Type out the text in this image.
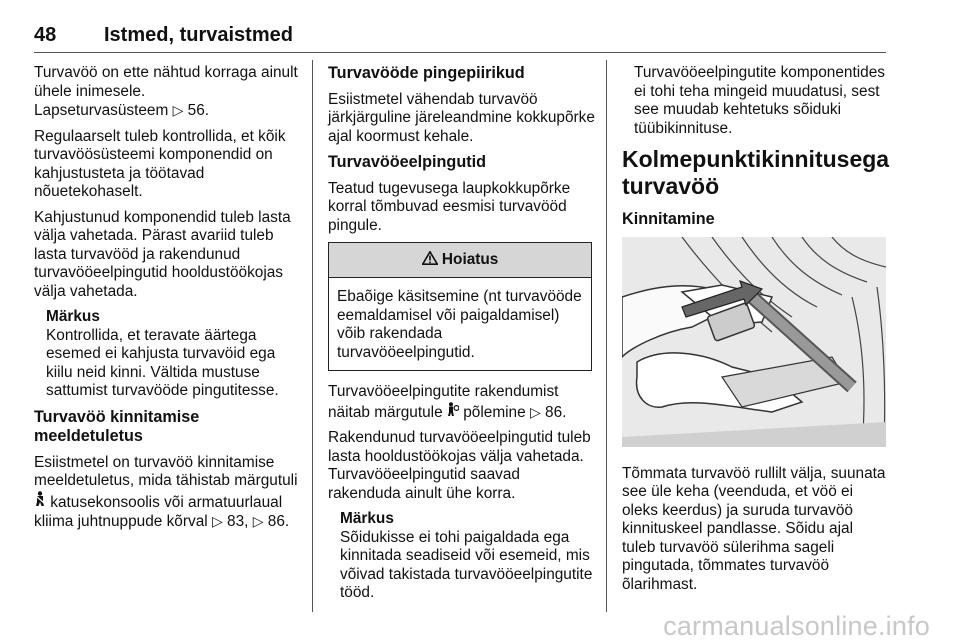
48 Istmed, turvaistmed

Turvavöö on ette nähtud korraga ainult ühele inimesele.
Lapseturvasüsteem ▷ 56.

Regulaarselt tuleb kontrollida, et kõik turvavöösüsteemi komponendid on kahjustusteta ja töötavad nõuetekohaselt.

Kahjustunud komponendid tuleb lasta välja vahetada. Pärast avariid tuleb lasta turvavööd ja rakendunud turvavööeelpingutid hooldustöökojas välja vahetada.

Märkus

Kontrollida, et teravate äärtega esemed ei kahjusta turvavöid ega kiilu neid kinni. Vältida mustuse sattumist turvavööde pingutitesse.

Turvavöö kinnitamise meeldetuletus

Esiistmetel on turvavöö kinnitamise meeldetuletus, mida tähistab märgutuli  katusekonsoolis või armatuurlaual kliima juhtnuppude kõrval ▷ 83, ▷ 86.

Turvavööde pingepiirikud

Esiistmetel vähendab turvavöö järkjärguline järeleandmine kokkupõrke ajal koormust kehale.

Turvavööeelpingutid

Teatud tugevusega laupkokkupõrke korral tõmbuvad eesmisi turvavööd pingule.

Hoiatus
Ebaõige käsitsemine (nt turvavööde eemaldamisel või paigaldamisel) võib rakendada turvavööeelpingutid.

Turvavööeelpingutite rakendumist näitab märgutule põlemine ▷ 86.

Rakendunud turvavööeelpingutid tuleb lasta hooldustöökojas välja vahetada. Turvavööeelpingutid saavad rakenduda ainult ühe korra.

Märkus

Sõidukisse ei tohi paigaldada ega kinnitada seadiseid või esemeid, mis võivad takistada turvavööeelpingutite tööd.

Turvavööeelpingutite komponentides ei tohi teha mingeid muudatusi, sest see muudab kehtetuks sõiduki tüübikinnituse.

Kolmepunktikinnitusega turvavöö
Kinnitamine

Tõmmata turvavöö rullilt välja, suunata see üle keha (veenduda, et vöö ei oleks keerdus) ja suruda turvavöö kinnituskeel pandlasse. Sõidu ajal tuleb turvavöö sülerihma sageli pingutada, tõmmates turvavöö õlarihmast.

carmanualsonline.info
